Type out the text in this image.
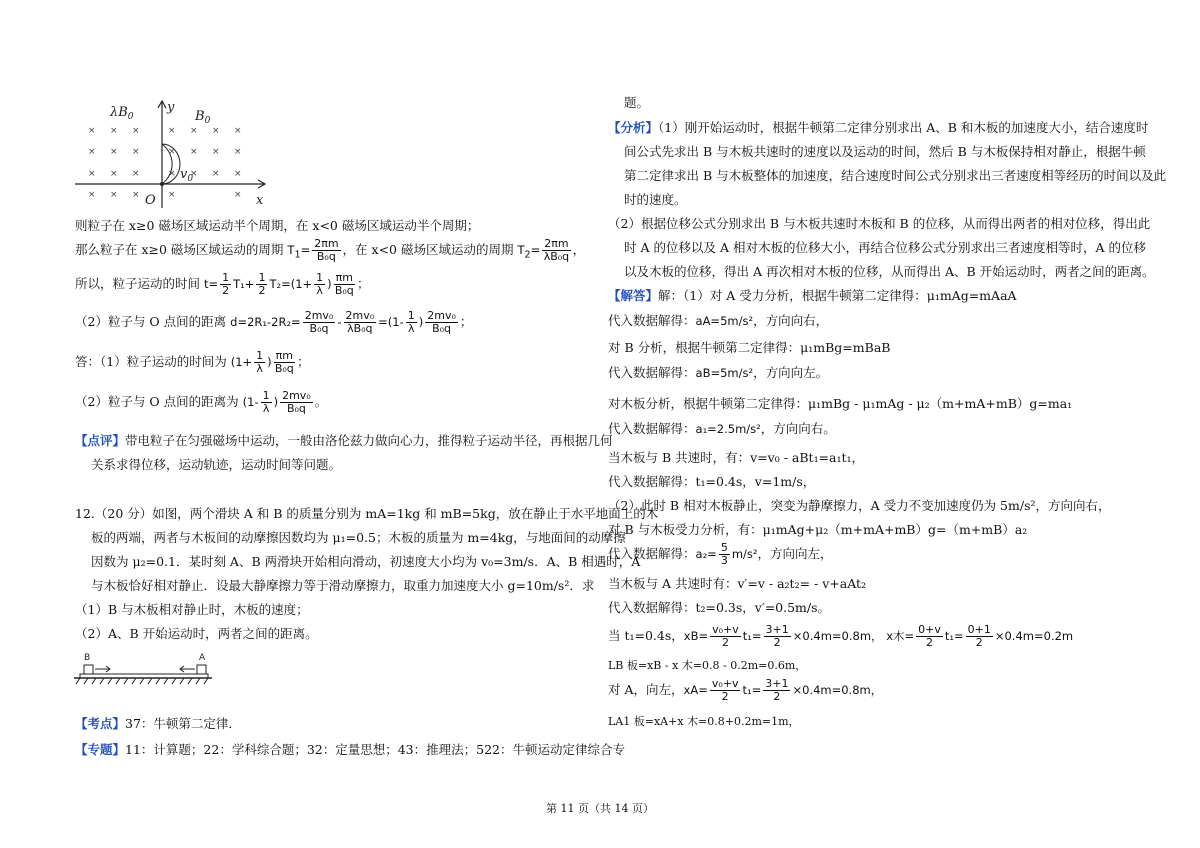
× × ×
× × ×
× × ×
× × ×
× × × ×
× × × ×
× × × ×
×	×
$\lambda B_0$
y
$B_0$
$v_0$
O	x
则粒子在 x≥0 磁场区域运动半个周期，在 x<0 磁场区域运动半个周期；
那么粒子在 x≥0 磁场区域运动的周期 $T_1= \frac{2\pi m}{\text{B₀q}}$ ，在 x<0 磁场区域运动的周期 $T_2= \frac{2\pi m}{\text{λB₀q}}$ ，
所以，粒子运动的时间 $t= \frac{1}{2} T_1+ \frac{1}{2} T_2=(1+ \frac{1}{\lambda}$ ) $\frac{\pi m}{\text{B₀q}}$ ；
（2）粒子与 O 点间的距离 $d=2R_1-2R_2= \frac{\text{2mv₀}}{\text{B₀q}} - \frac{\text{2mv₀}}{\text{λB₀q}} =(1- \frac{1}{\lambda}$ ) $\frac{\text{2mv₀}}{\text{B₀q}}$ ；
答：（1）粒子运动的时间为 ($1+ \frac{1}{\lambda}$ ) $\frac{\pi m}{\text{B₀q}}$ ；
（2）粒子与 O 点间的距离为 ($1- \frac{1}{\lambda}$ ) $\frac{\text{2mv₀}}{\text{B₀q}}$ 。
【点评】带电粒子在匀强磁场中运动，一般由洛伦兹力做向心力，推得粒子运动半径，再根据几何
关系求得位移，运动轨迹，运动时间等问题。
12.（20 分）如图，两个滑块 A 和 B 的质量分别为 mA=1kg 和 mB=5kg，放在静止于水平地面上的木
板的两端，两者与木板间的动摩擦因数均为 μ₁=0.5；木板的质量为 m=4kg，与地面间的动摩擦
因数为 μ₂=0.1．某时刻 A、B 两滑块开始相向滑动，初速度大小均为 v₀=3m/s．A、B 相遇时，A
与木板恰好相对静止．设最大静摩擦力等于滑动摩擦力，取重力加速度大小 g=10m/s²．求
（1）B 与木板相对静止时，木板的速度；
（2）A、B 开始运动时，两者之间的距离。
B	A
【考点】37：牛顿第二定律．
【专题】11：计算题；22：学科综合题；32：定量思想；43：推理法；522：牛顿运动定律综合专
题。
【分析】（1）刚开始运动时，根据牛顿第二定律分别求出 A、B 和木板的加速度大小，结合速度时
间公式先求出 B 与木板共速时的速度以及运动的时间，然后 B 与木板保持相对静止，根据牛顿
第二定律求出 B 与木板整体的加速度，结合速度时间公式分别求出三者速度相等经历的时间以及此
时的速度。
（2）根据位移公式分别求出 B 与木板共速时木板和 B 的位移，从而得出两者的相对位移，得出此
时 A 的位移以及 A 相对木板的位移大小，再结合位移公式分别求出三者速度相等时，A 的位移
以及木板的位移，得出 A 再次相对木板的位移，从而得出 A、B 开始运动时，两者之间的距离。
【解答】解：（1）对 A 受力分析，根据牛顿第二定律得：μ₁mAg=mAaA
代入数据解得：aA=5m/s²，方向向右，
对 B 分析，根据牛顿第二定律得：μ₁mBg=mBaB
代入数据解得：aB=5m/s²，方向向左。
对木板分析，根据牛顿第二定律得：μ₁mBg - μ₁mAg - μ₂（m+mA+mB）g=ma₁
代入数据解得：a₁=2.5m/s²，方向向右。
当木板与 B 共速时，有：v=v₀ - aBt₁=a₁t₁，
代入数据解得：t₁=0.4s，v=1m/s，
（2）此时 B 相对木板静止，突变为静摩擦力，A 受力不变加速度仍为 5m/s²，方向向右，
对 B 与木板受力分析，有：μ₁mAg+μ₂（m+mA+mB）g=（m+mB）a₂
代入数据解得：$a_2= \frac{5}{3} m/s^2$，方向向左，
当木板与 A 共速时有：v′=v - a₂t₂= - v+aAt₂
代入数据解得：t₂=0.3s，v′=0.5m/s。
当 t₁=0.4s，$xB= \frac{\text{v₀+v}}{2} t_1= \frac{3+1}{2} \times 0.4m=0.8m$， x木= $\frac{0+v}{2} t_1= \frac{0+1}{2} \times 0.4m=0.2m$
LB 板=xB - x 木=0.8 - 0.2m=0.6m，
对 A，向左，$xA= \frac{\text{v₀+v}}{2} t_1= \frac{3+1}{2} \times 0.4m=0.8m$，
LA1 板=xA+x 木=0.8+0.2m=1m，
第 11 页（共 14 页）
